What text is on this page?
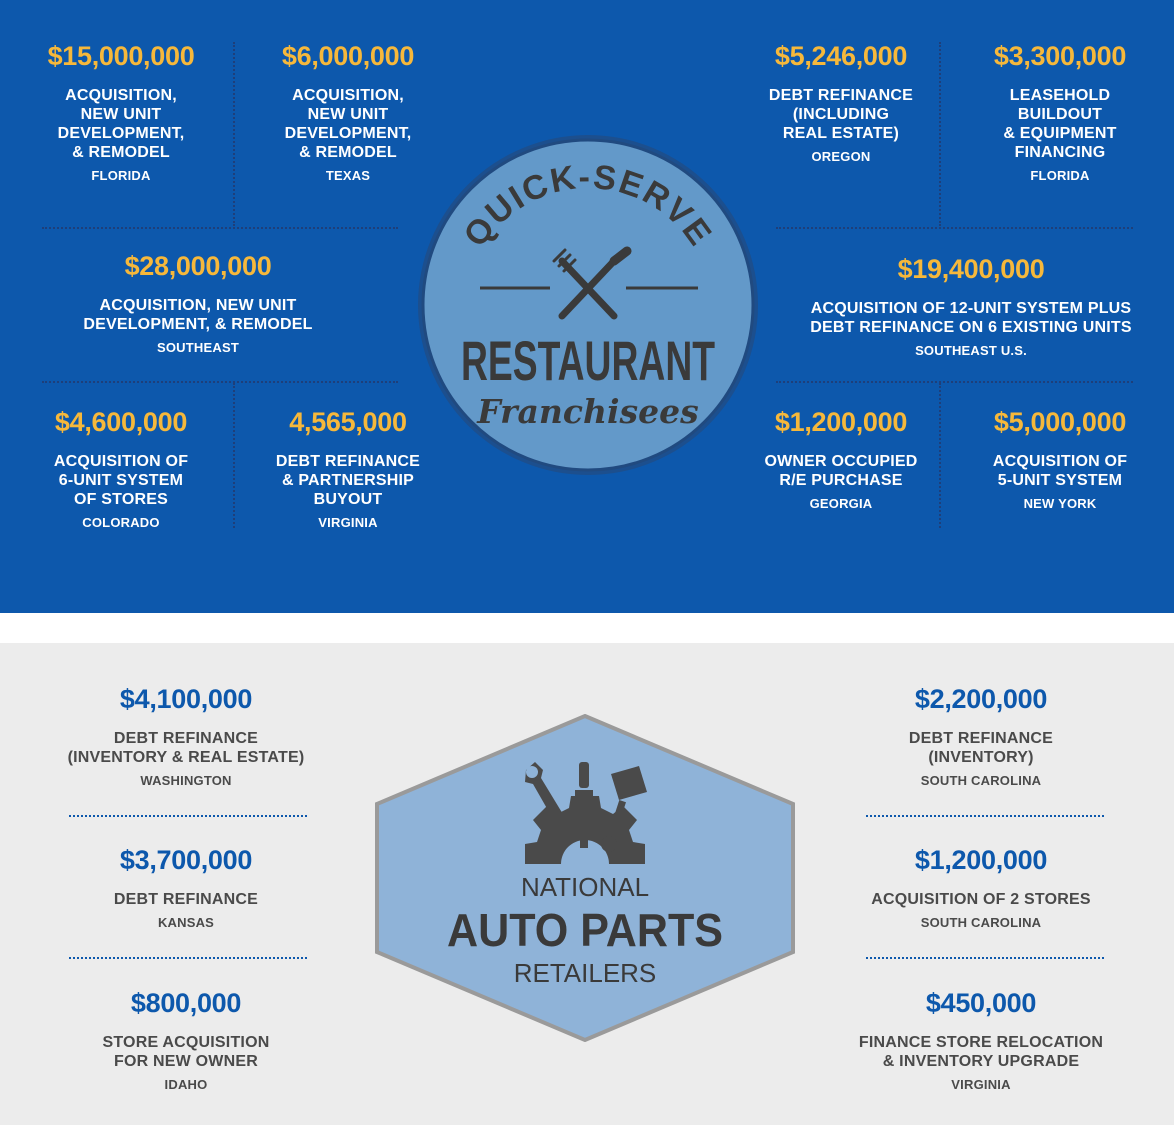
$15,000,000
ACQUISITION,
NEW UNIT
DEVELOPMENT,
& REMODEL
FLORIDA
$6,000,000
ACQUISITION,
NEW UNIT
DEVELOPMENT,
& REMODEL
TEXAS
$28,000,000
ACQUISITION, NEW UNIT
DEVELOPMENT, & REMODEL
SOUTHEAST
$4,600,000
ACQUISITION OF
6-UNIT SYSTEM
OF STORES
COLORADO
4,565,000
DEBT REFINANCE
& PARTNERSHIP
BUYOUT
VIRGINIA
$5,246,000
DEBT REFINANCE
(INCLUDING
REAL ESTATE)
OREGON
$3,300,000
LEASEHOLD
BUILDOUT
& EQUIPMENT
FINANCING
FLORIDA
$19,400,000
ACQUISITION OF 12-UNIT SYSTEM PLUS
DEBT REFINANCE ON 6 EXISTING UNITS
SOUTHEAST U.S.
$1,200,000
OWNER OCCUPIED
R/E PURCHASE
GEORGIA
$5,000,000
ACQUISITION OF
5-UNIT SYSTEM
NEW YORK
QUICK-SERVE
RESTAURANT
Franchisees
$4,100,000
DEBT REFINANCE
(INVENTORY & REAL ESTATE)
WASHINGTON
$3,700,000
DEBT REFINANCE
KANSAS
$800,000
STORE ACQUISITION
FOR NEW OWNER
IDAHO
$2,200,000
DEBT REFINANCE
(INVENTORY)
SOUTH CAROLINA
$1,200,000
ACQUISITION OF 2 STORES
SOUTH CAROLINA
$450,000
FINANCE STORE RELOCATION
& INVENTORY UPGRADE
VIRGINIA
NATIONAL
AUTO PARTS
RETAILERS
